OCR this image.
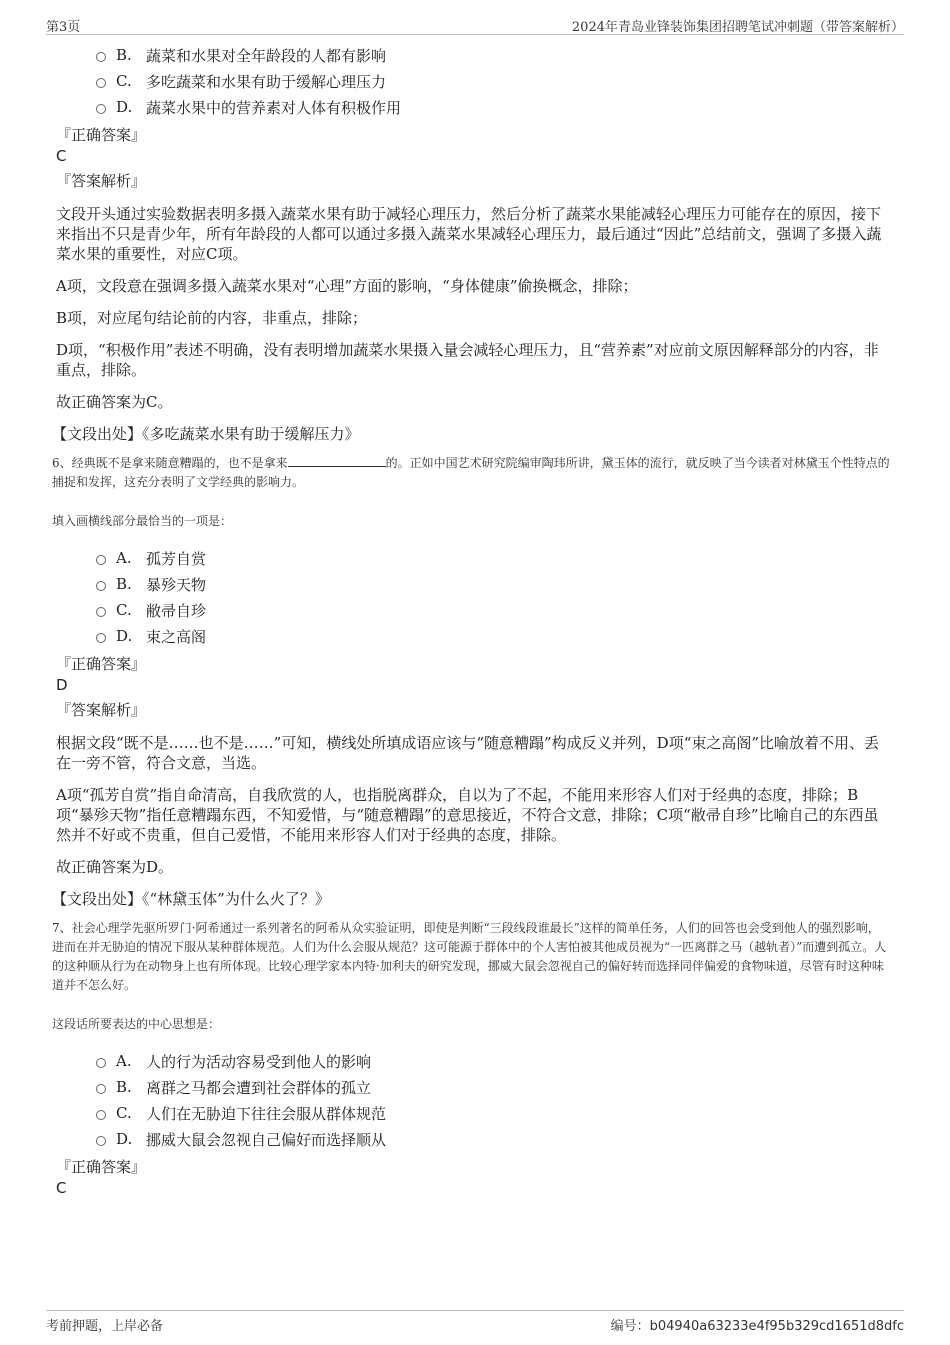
第3页	2024年青岛业锋装饰集团招聘笔试冲刺题（带答案解析）
B. 蔬菜和水果对全年龄段的人都有影响
C. 多吃蔬菜和水果有助于缓解心理压力
D. 蔬菜水果中的营养素对人体有积极作用
『正确答案』
C
『答案解析』

文段开头通过实验数据表明多摄入蔬菜水果有助于减轻心理压力，然后分析了蔬菜水果能减轻心理压力可能存在的原因，接下来指出不只是青少年，所有年龄段的人都可以通过多摄入蔬菜水果减轻心理压力，最后通过“因此”总结前文，强调了多摄入蔬菜水果的重要性，对应C项。

A项，文段意在强调多摄入蔬菜水果对“心理”方面的影响，“身体健康”偷换概念，排除；

B项，对应尾句结论前的内容，非重点，排除；

D项，“积极作用”表述不明确，没有表明增加蔬菜水果摄入量会减轻心理压力，且“营养素”对应前文原因解释部分的内容，非重点，排除。

故正确答案为C。

【文段出处】《多吃蔬菜水果有助于缓解压力》

6、经典既不是拿来随意糟蹋的，也不是拿来	的。正如中国艺术研究院编审陶玮所讲，黛玉体的流行，就反映了当今读者对林黛玉个性特点的捕捉和发挥，这充分表明了文学经典的影响力。
填入画横线部分最恰当的一项是：
A. 孤芳自赏
B. 暴殄天物
C. 敝帚自珍
D. 束之高阁
『正确答案』
D
『答案解析』

根据文段“既不是……也不是……”可知，横线处所填成语应该与“随意糟蹋”构成反义并列，D项“束之高阁”比喻放着不用、丢在一旁不管，符合文意，当选。

A项“孤芳自赏”指自命清高，自我欣赏的人，也指脱离群众，自以为了不起，不能用来形容人们对于经典的态度，排除；B项“暴殄天物”指任意糟蹋东西，不知爱惜，与“随意糟蹋”的意思接近，不符合文意，排除；C项“敝帚自珍”比喻自己的东西虽然并不好或不贵重，但自己爱惜，不能用来形容人们对于经典的态度，排除。

故正确答案为D。

【文段出处】《“林黛玉体”为什么火了？》

7、社会心理学先驱所罗门·阿希通过一系列著名的阿希从众实验证明，即使是判断“三段线段谁最长”这样的简单任务，人们的回答也会受到他人的强烈影响，进而在并无胁迫的情况下服从某种群体规范。人们为什么会服从规范？这可能源于群体中的个人害怕被其他成员视为“一匹离群之马（越轨者）”而遭到孤立。人的这种顺从行为在动物身上也有所体现。比较心理学家本内特·加利夫的研究发现，挪威大鼠会忽视自己的偏好转而选择同伴偏爱的食物味道，尽管有时这种味道并不怎么好。
这段话所要表达的中心思想是：
A. 人的行为活动容易受到他人的影响
B. 离群之马都会遭到社会群体的孤立
C. 人们在无胁迫下往往会服从群体规范
D. 挪威大鼠会忽视自己偏好而选择顺从
『正确答案』
C
考前押题，上岸必备	编号：b04940a63233e4f95b329cd1651d8dfc
